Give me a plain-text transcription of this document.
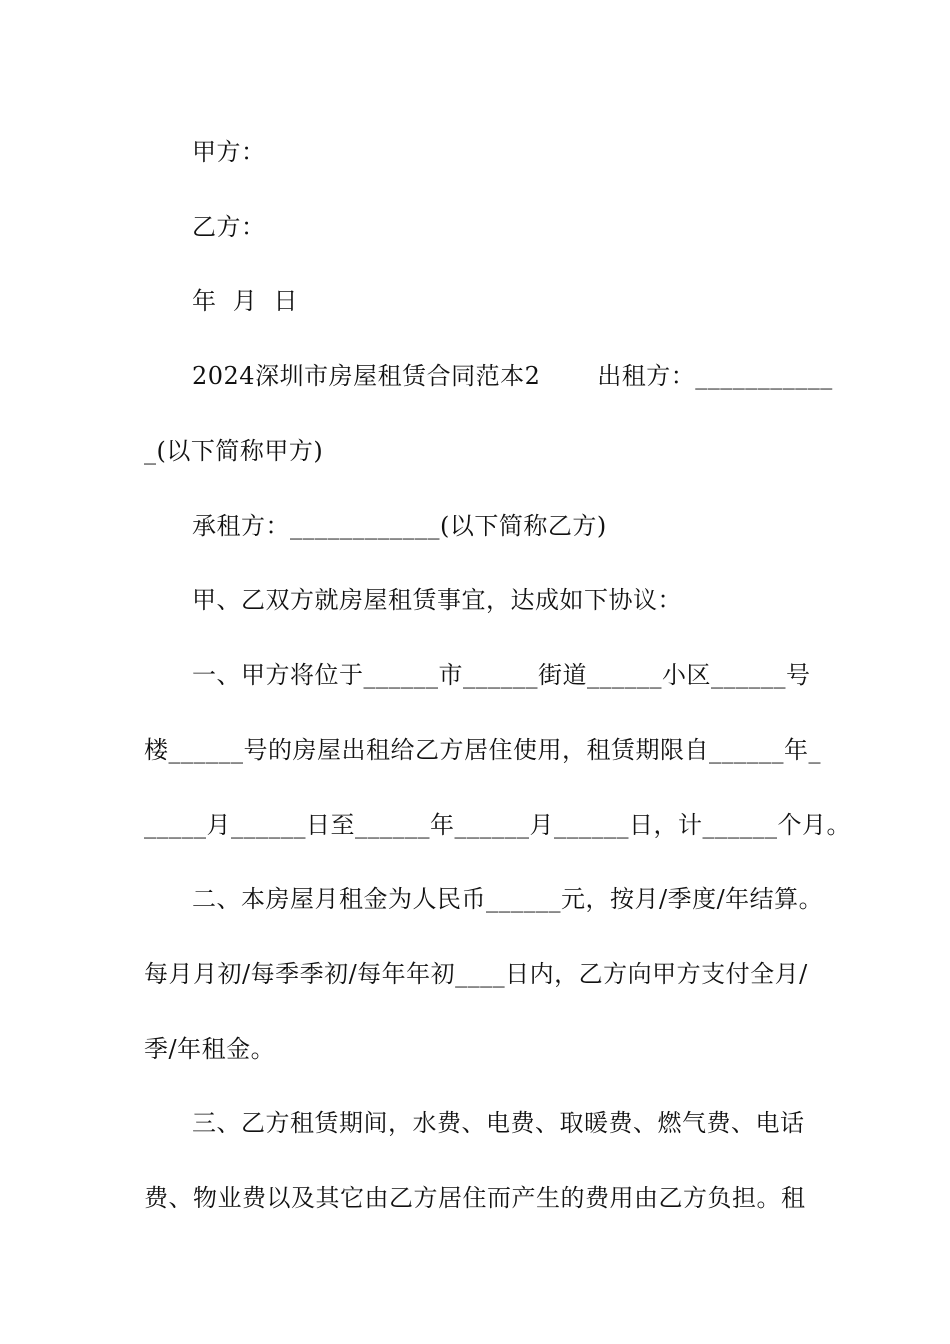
甲方：
乙方：
年  月  日
2024深圳市房屋租赁合同范本2       出租方：___________
_(以下简称甲方)
承租方：____________(以下简称乙方)
甲、乙双方就房屋租赁事宜，达成如下协议：
一、甲方将位于______市______街道______小区______号
楼______号的房屋出租给乙方居住使用，租赁期限自______年_
_____月______日至______年______月______日，计______个月。
二、本房屋月租金为人民币______元，按月/季度/年结算。
每月月初/每季季初/每年年初____日内，乙方向甲方支付全月/
季/年租金。
三、乙方租赁期间，水费、电费、取暖费、燃气费、电话
费、物业费以及其它由乙方居住而产生的费用由乙方负担。租
